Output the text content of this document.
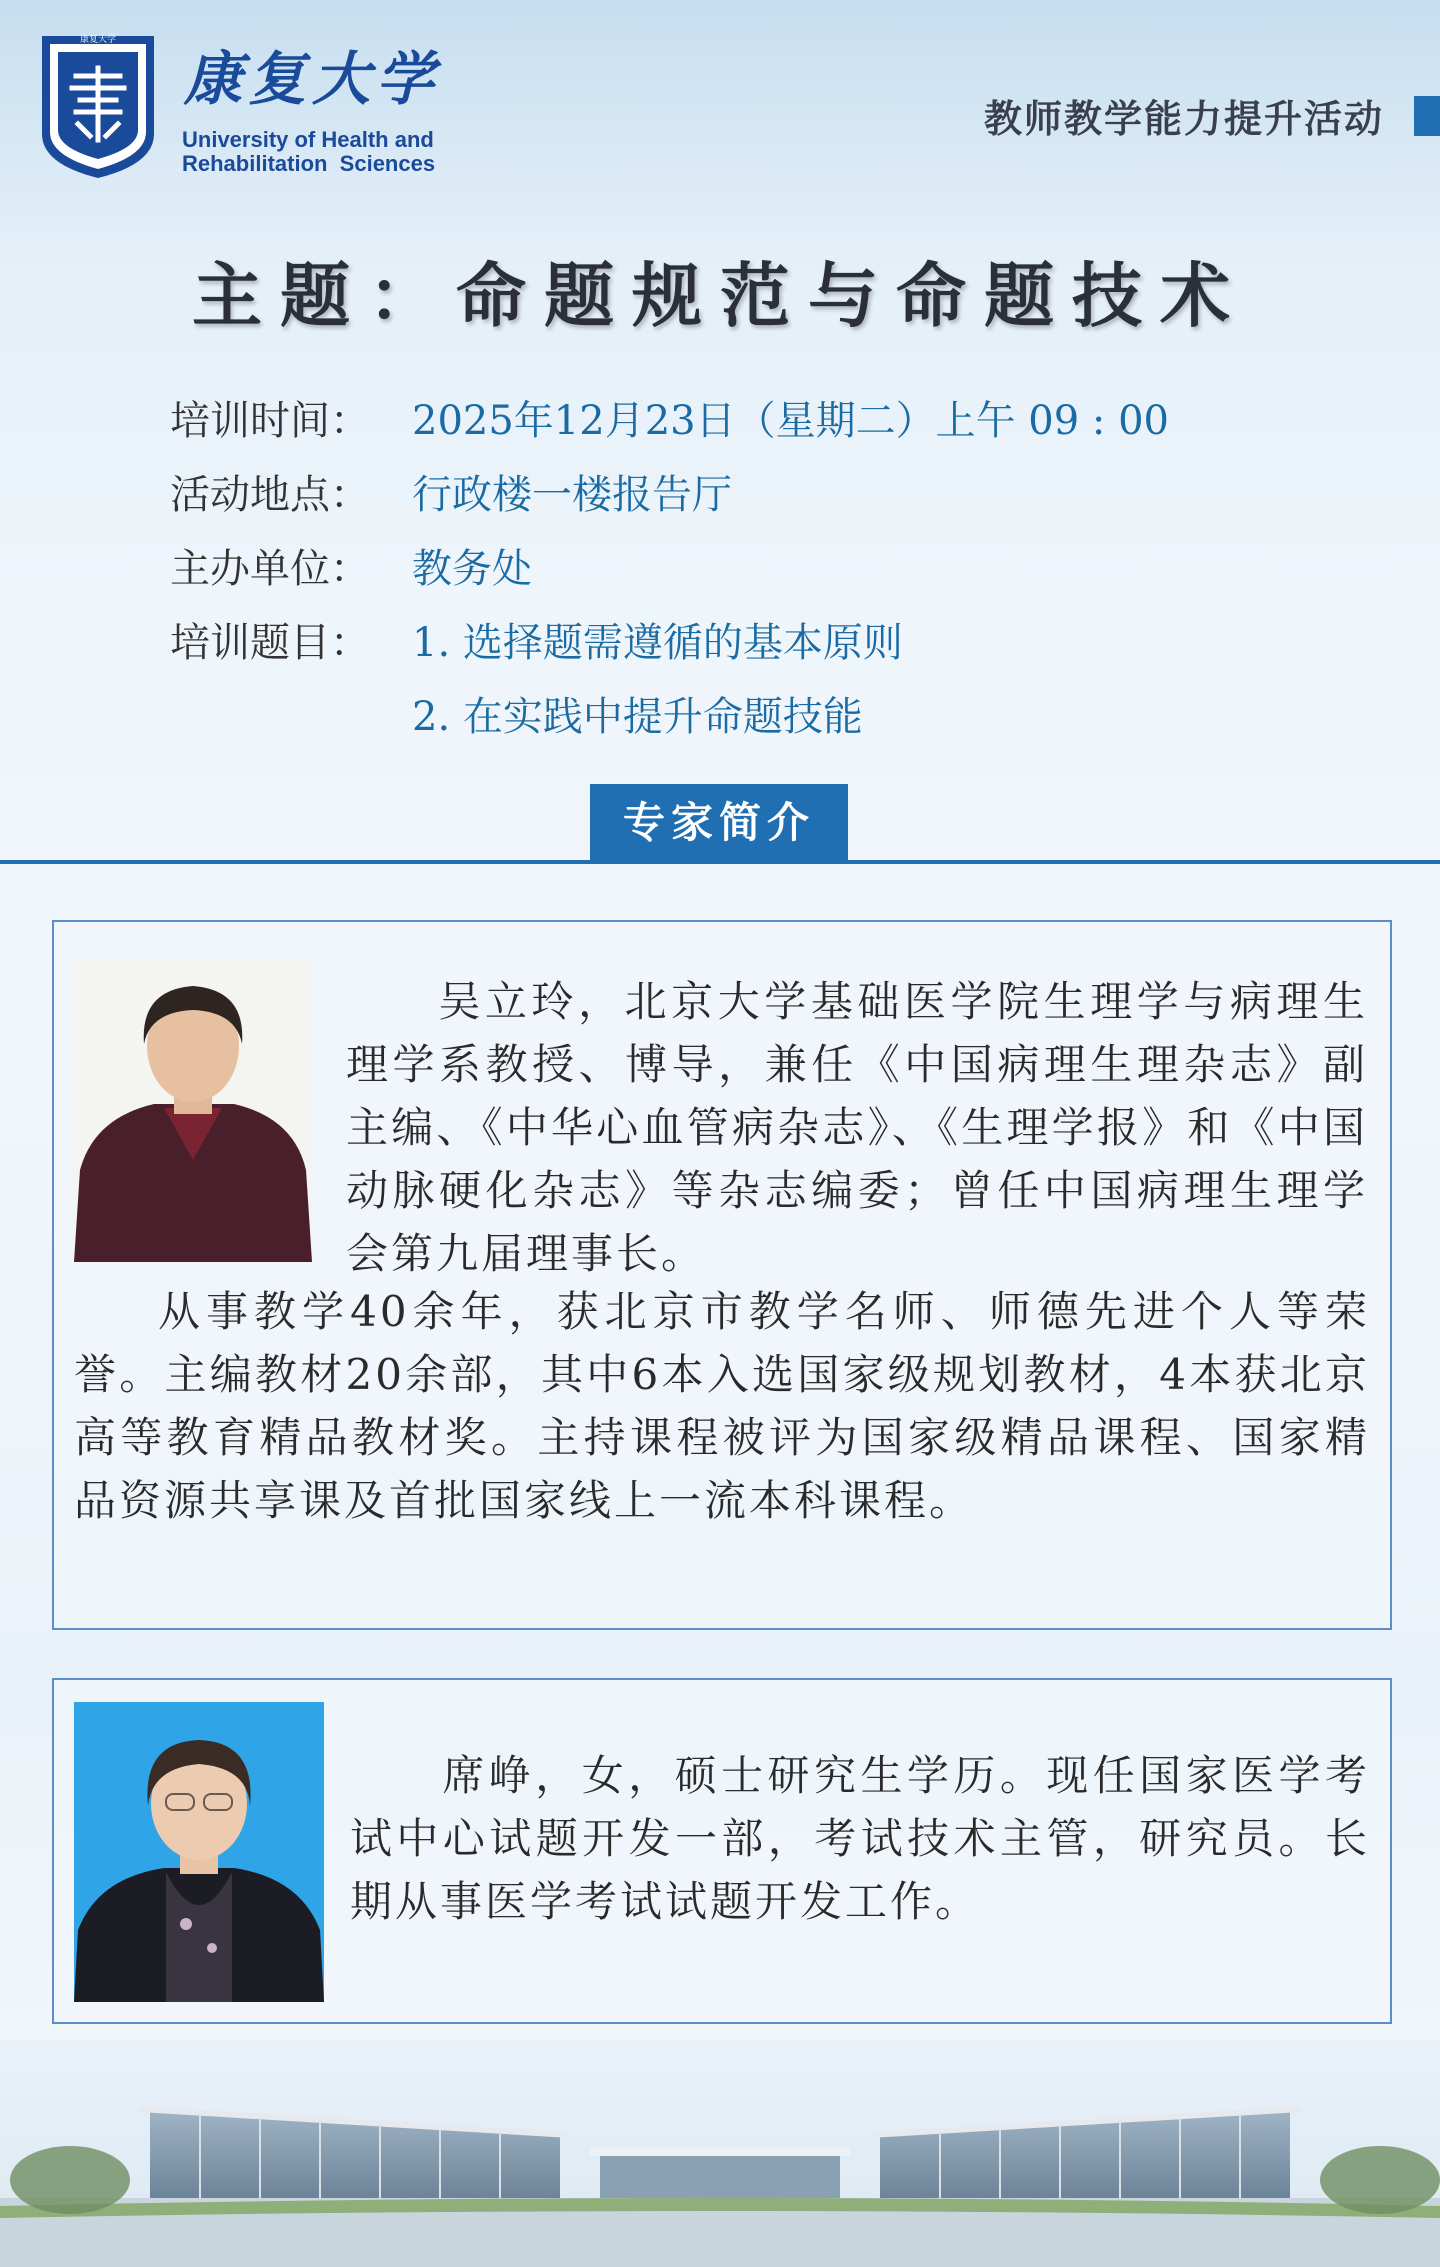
康复大学
康复大学
University of Health and
Rehabilitation  Sciences
教师教学能力提升活动
主题：命题规范与命题技术
培训时间：	2025年12月23日（星期二）上午 09 : 00
活动地点：	行政楼一楼报告厅
主办单位：	教务处
培训题目：	1. 选择题需遵循的基本原则
2. 在实践中提升命题技能
专家简介

吴立玲，北京大学基础医学院生理学与病理生理学系教授、博导，兼任《中国病理生理杂志》副主编、《中华心血管病杂志》、《生理学报》和《中国动脉硬化杂志》等杂志编委；曾任中国病理生理学会第九届理事长。

从事教学40余年，获北京市教学名师、师德先进个人等荣誉。主编教材20余部，其中6本入选国家级规划教材，4本获北京高等教育精品教材奖。主持课程被评为国家级精品课程、国家精品资源共享课及首批国家线上一流本科课程。

席峥，女，硕士研究生学历。现任国家医学考试中心试题开发一部，考试技术主管，研究员。长期从事医学考试试题开发工作。
